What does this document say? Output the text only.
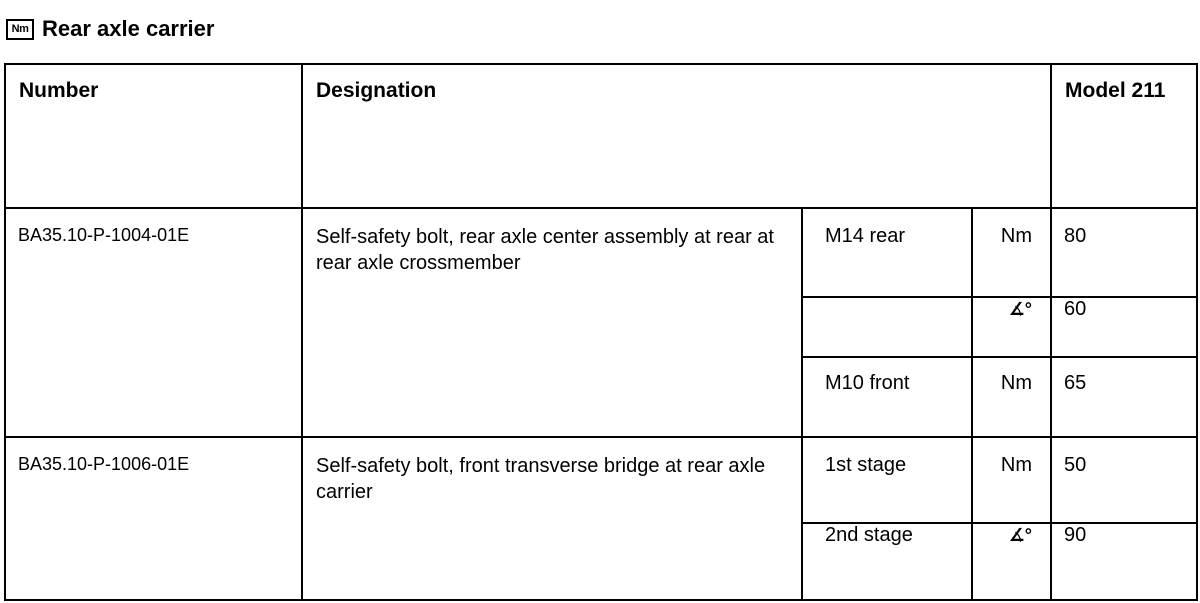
Nm Rear axle carrier
Number	Designation			Model 211
BA35.10-P-1004-01E	Self-safety bolt, rear axle center assembly at rear at rear axle crossmember	M14 rear	Nm	80
			∡°	60
		M10 front	Nm	65
BA35.10-P-1006-01E	Self-safety bolt, front transverse bridge at rear axle carrier	1st stage	Nm	50
		2nd stage	∡°	90
